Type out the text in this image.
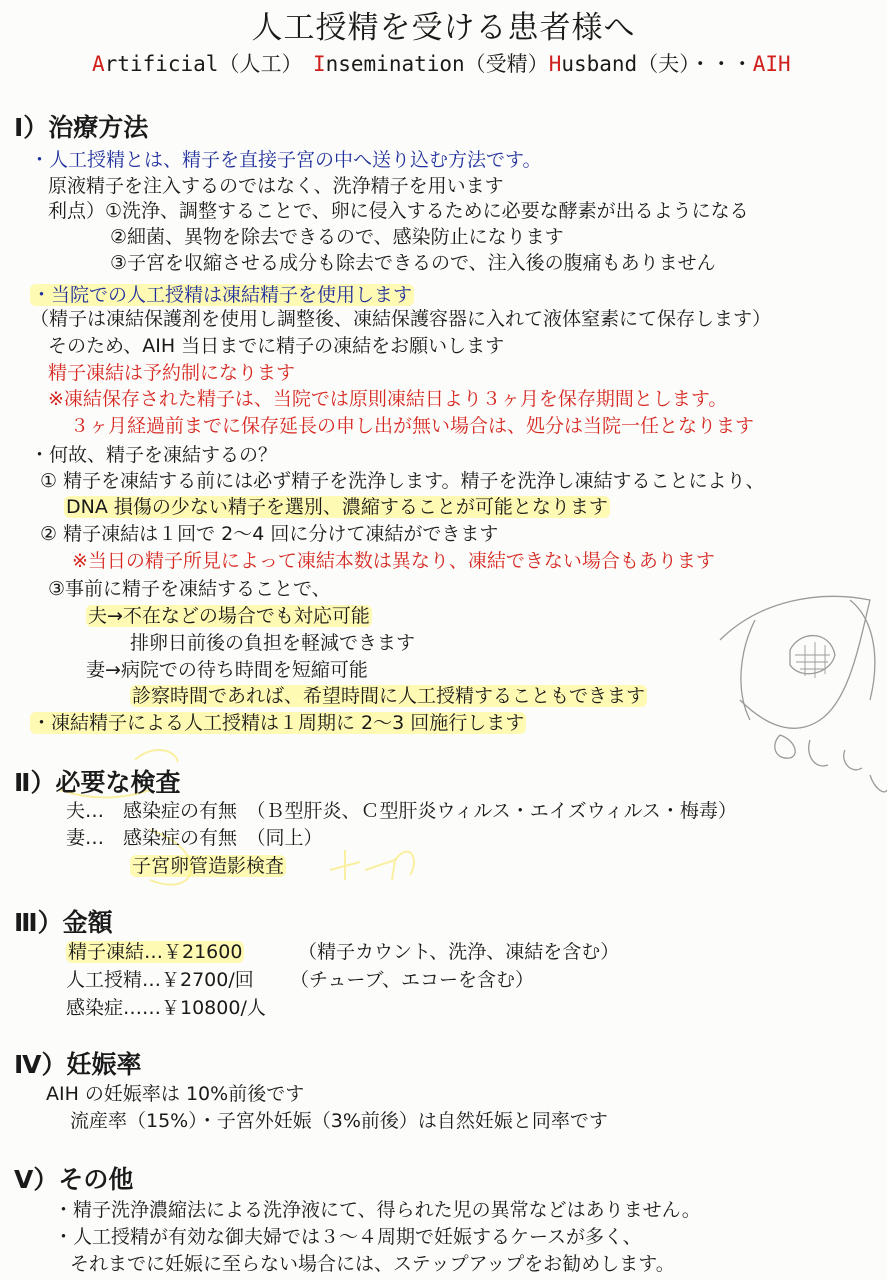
人工授精を受ける患者様へ
Artificial（人工）　 Insemination（受精）Husband（夫）・・・AIH
Ⅰ）治療方法
・人工授精とは、精子を直接子宮の中へ送り込む方法です。
原液精子を注入するのではなく、洗浄精子を用います
利点）①洗浄、調整することで、卵に侵入するために必要な酵素が出るようになる
②細菌、異物を除去できるので、感染防止になります
③子宮を収縮させる成分も除去できるので、注入後の腹痛もありません
・当院での人工授精は凍結精子を使用します
（精子は凍結保護剤を使用し調整後、凍結保護容器に入れて液体窒素にて保存します）
そのため、AIH 当日までに精子の凍結をお願いします
精子凍結は予約制になります
※凍結保存された精子は、当院では原則凍結日より３ヶ月を保存期間とします。
３ヶ月経過前までに保存延長の申し出が無い場合は、処分は当院一任となります
・何故、精子を凍結するの？
① 精子を凍結する前には必ず精子を洗浄します。精子を洗浄し凍結することにより、
DNA 損傷の少ない精子を選別、濃縮することが可能となります
② 精子凍結は１回で 2～4 回に分けて凍結ができます
※当日の精子所見によって凍結本数は異なり、凍結できない場合もあります
③事前に精子を凍結することで、
夫→不在などの場合でも対応可能
排卵日前後の負担を軽減できます
妻→病院での待ち時間を短縮可能
診察時間であれば、希望時間に人工授精することもできます
・凍結精子による人工授精は１周期に 2～3 回施行します
Ⅱ）必要な検査
夫…　感染症の有無　（Ｂ型肝炎、Ｃ型肝炎ウィルス・エイズウィルス・梅毒）
妻…　感染症の有無　（同上）
子宮卵管造影検査
Ⅲ）金額
精子凍結…￥21600	（精子カウント、洗浄、凍結を含む）
人工授精…￥2700/回 （チューブ、エコーを含む）
感染症……￥10800/人
Ⅳ）妊娠率
AIH の妊娠率は 10%前後です
流産率（15%）・子宮外妊娠（3%前後）は自然妊娠と同率です
Ⅴ）その他
・精子洗浄濃縮法による洗浄液にて、得られた児の異常などはありません。
・人工授精が有効な御夫婦では３～４周期で妊娠するケースが多く、
それまでに妊娠に至らない場合には、ステップアップをお勧めします。
